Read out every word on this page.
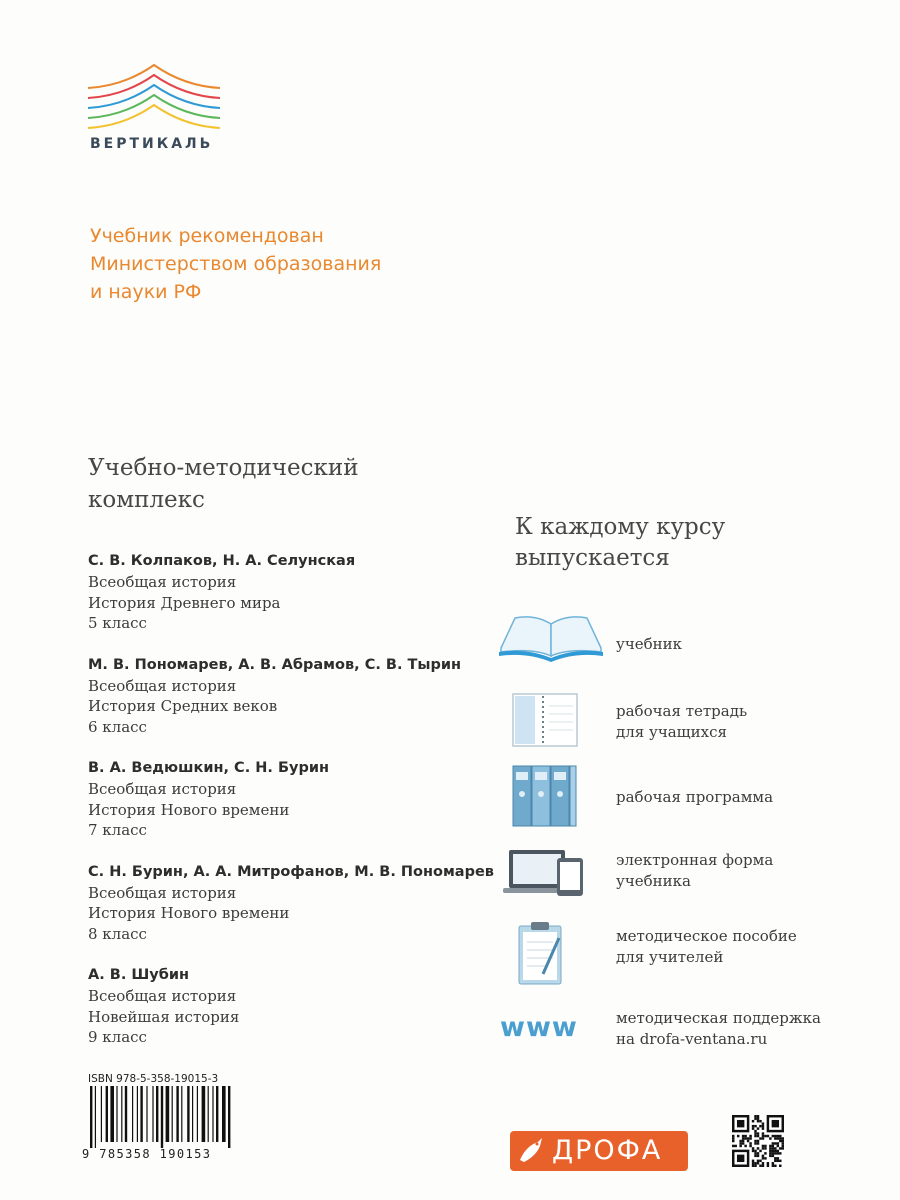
ВЕРТИКАЛЬ
Учебник рекомендован
Министерством образования
и науки РФ
Учебно-методический
комплекс
С. В. Колпаков, Н. А. Селунская
Всеобщая история
История Древнего мира
5 класс
М. В. Пономарев, А. В. Абрамов, С. В. Тырин
Всеобщая история
История Средних веков
6 класс
В. А. Ведюшкин, С. Н. Бурин
Всеобщая история
История Нового времени
7 класс
С. Н. Бурин, А. А. Митрофанов, М. В. Пономарев
Всеобщая история
История Нового времени
8 класс
А. В. Шубин
Всеобщая история
Новейшая история
9 класс
К каждому курсу
выпускается
учебник
рабочая тетрадь
для учащихся
рабочая программа
электронная форма
учебника
методическое пособие
для учителей
www	методическая поддержка
на drofa-ventana.ru
ISBN 978-5-358-19015-3
9 785358 190153	ДРОФА
